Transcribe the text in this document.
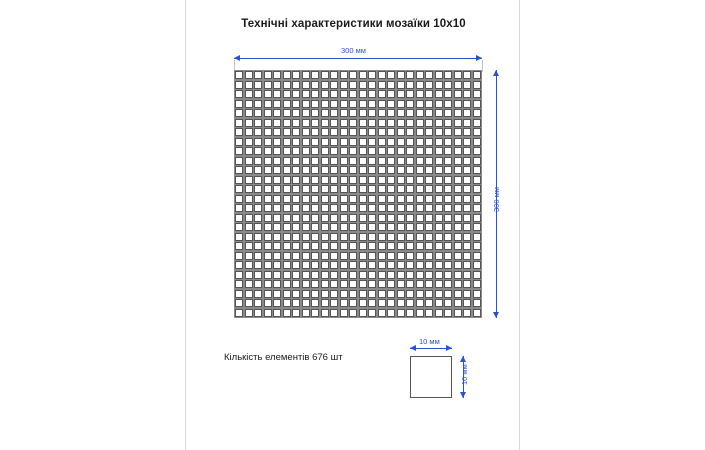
Технічні характеристики мозаїки 10x10
300 мм
300 мм
Кількість елементів 676 шт
10 мм
10 мм
